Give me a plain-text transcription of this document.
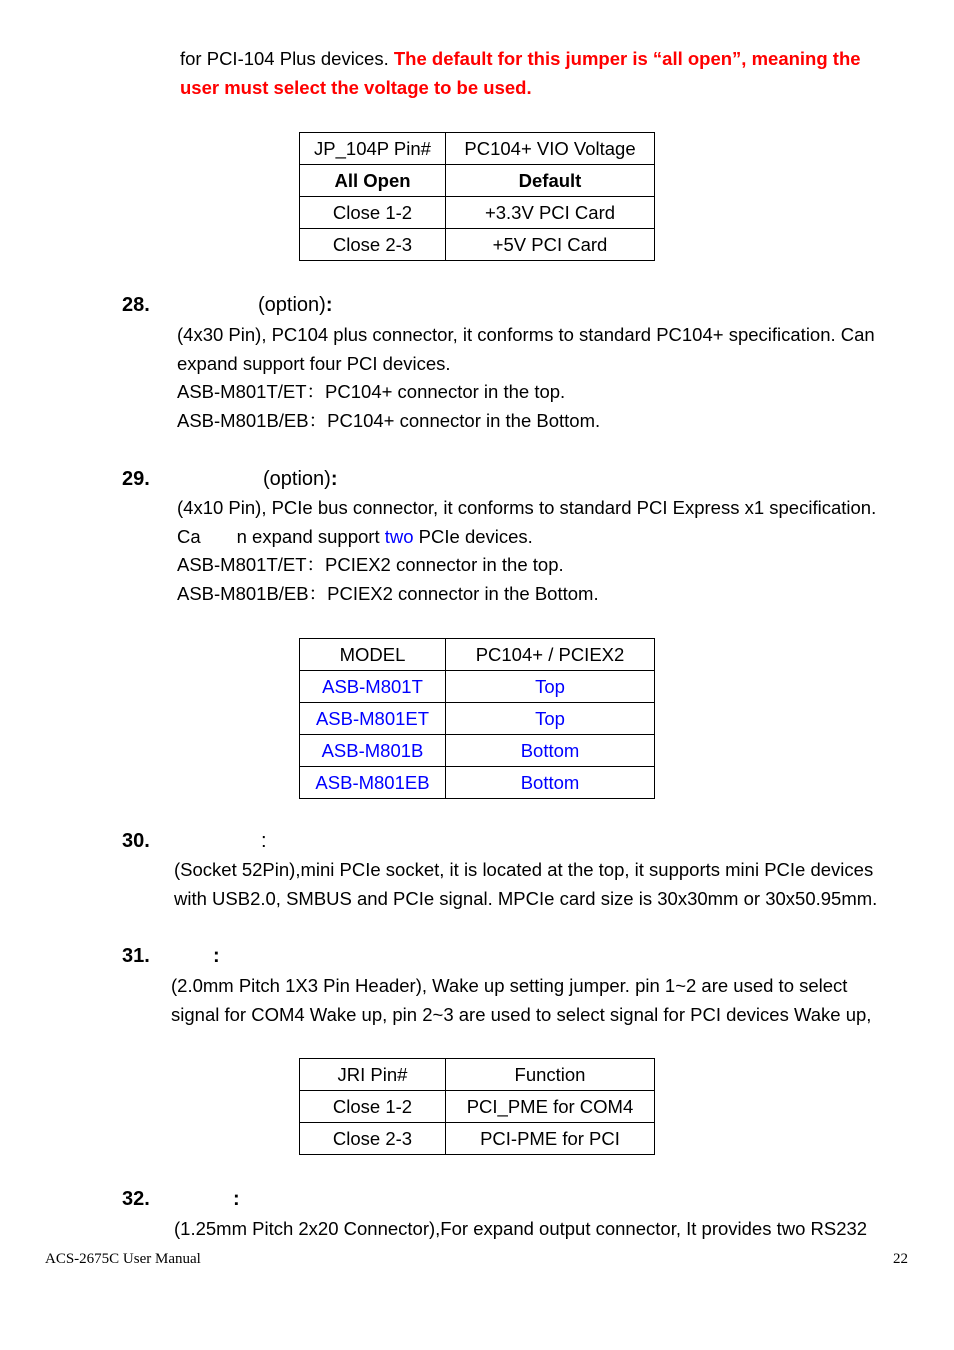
for PCI-104 Plus devices. The default for this jumper is “all open”, meaning the
user must select the voltage to be used.
JP_104P Pin#	PC104+ VIO Voltage
All Open	Default
Close 1-2	+3.3V PCI Card
Close 2-3	+5V PCI Card
28.	(option):
(4x30 Pin), PC104 plus connector, it conforms to standard PC104+ specification. Can
expand support four PCI devices.
ASB-M801T/ET：PC104+ connector in the top.
ASB-M801B/EB：PC104+ connector in the Bottom.
29.	(option):
(4x10 Pin), PCIe bus connector, it conforms to standard PCI Express x1 specification.
Ca       n expand support two PCIe devices.
ASB-M801T/ET：PCIEX2 connector in the top.
ASB-M801B/EB：PCIEX2 connector in the Bottom.
MODEL	PC104+ / PCIEX2
ASB-M801T	Top
ASB-M801ET	Top
ASB-M801B	Bottom
ASB-M801EB	Bottom
30.	:
(Socket 52Pin),mini PCIe socket, it is located at the top, it supports mini PCIe devices
with USB2.0, SMBUS and PCIe signal. MPCIe card size is 30x30mm or 30x50.95mm.
31.	:
(2.0mm Pitch 1X3 Pin Header), Wake up setting jumper. pin 1~2 are used to select
signal for COM4 Wake up, pin 2~3 are used to select signal for PCI devices Wake up,
JRI Pin#	Function
Close 1-2	PCI_PME for COM4
Close 2-3	PCI-PME for PCI
32.	:
(1.25mm Pitch 2x20 Connector),For expand output connector, It provides two RS232
ACS-2675C User Manual	22
